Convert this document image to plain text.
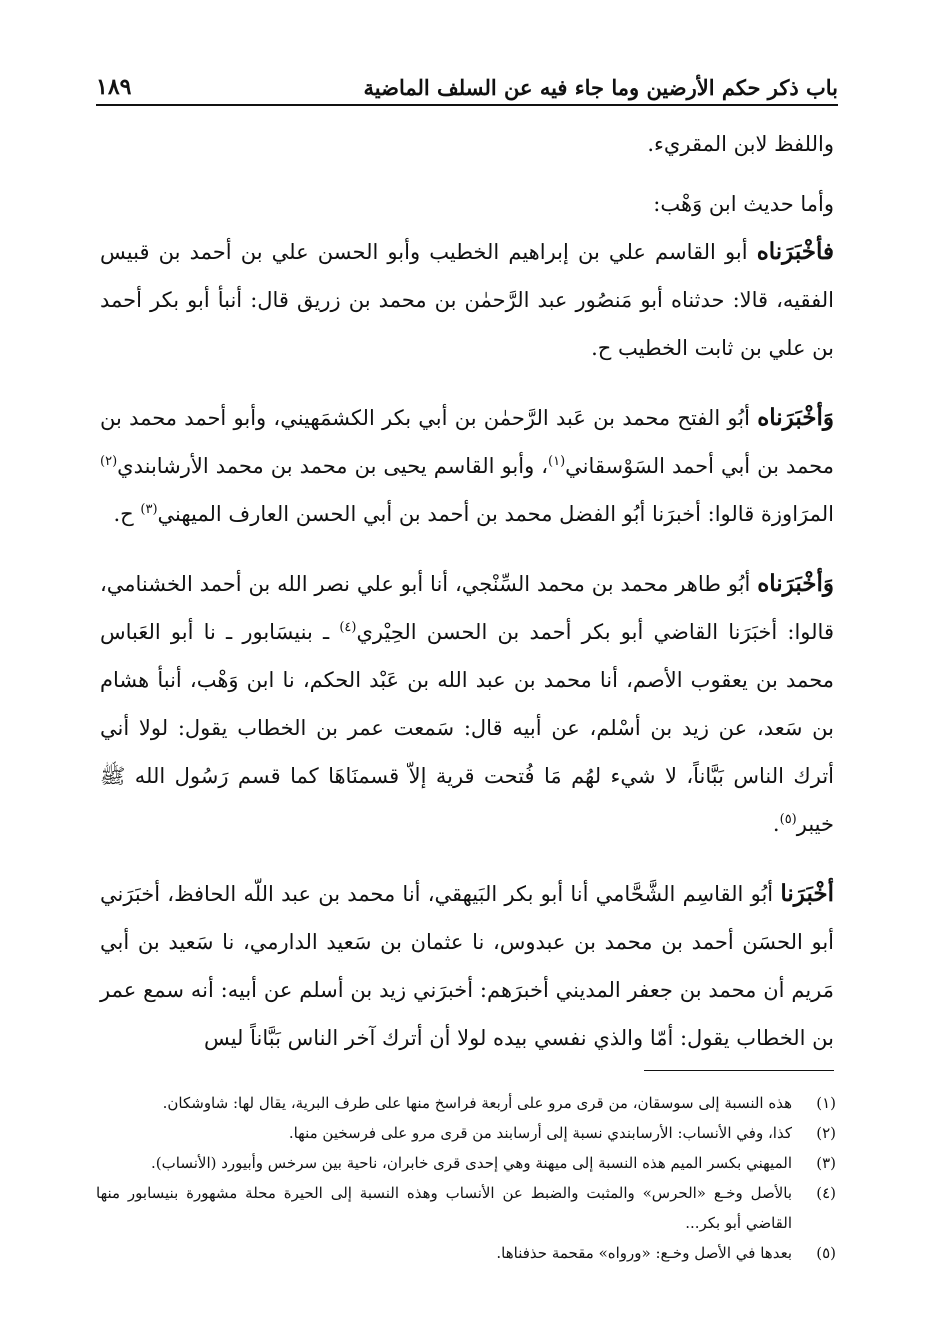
باب ذكر حكم الأرضين وما جاء فيه عن السلف الماضية
١٨٩

واللفظ لابن المقريء.

وأما حديث ابن وَهْب:

فأخْبَرَناه أبو القاسم علي بن إبراهيم الخطيب وأبو الحسن علي بن أحمد بن قبيس الفقيه، قالا: حدثناه أبو مَنصُور عبد الرَّحمٰن بن محمد بن زريق قال: أنبأ أبو بكر أحمد بن علي بن ثابت الخطيب ح.

وَأخْبَرَناه أبُو الفتح محمد بن عَبد الرَّحمٰن بن أبي بكر الكشمَهيني، وأبو أحمد محمد بن محمد بن أبي أحمد السَوْسقاني$^{(١)}$، وأبو القاسم يحيى بن محمد بن محمد الأرشابندي$^{(٢)}$ المرَاوزة قالوا: أخبرَنا أبُو الفضل محمد بن أحمد بن أبي الحسن العارف الميهني$^{(٣)}$ ح.

وَأخْبَرَناه أبُو طاهر محمد بن محمد السِّنْجي، أنا أبو علي نصر الله بن أحمد الخشنامي، قالوا: أخبَرَنا القاضي أبو بكر أحمد بن الحسن الحِيْري$^{(٤)}$ ـ بنيسَابور ـ نا أبو العَباس محمد بن يعقوب الأصم، أنا محمد بن عبد الله بن عَبْد الحكم، نا ابن وَهْب، أنبأ هشام بن سَعد، عن زيد بن أسْلم، عن أبيه قال: سَمعت عمر بن الخطاب يقول: لولا أني أترك الناس بَبَّاناً، لا شيء لهُم مَا فُتحت قرية إلاّ قسمنَاهَا كما قسم رَسُول الله ﷺ خيبر$^{(٥)}$.

أخْبَرَنا أبُو القاسِم الشَّحَّامي أنا أبو بكر البَيهقي، أنا محمد بن عبد اللّه الحافظ، أخبَرَني أبو الحسَن أحمد بن محمد بن عبدوس، نا عثمان بن سَعيد الدارمي، نا سَعيد بن أبي مَريم أن محمد بن جعفر المديني أخبرَهم: أخبرَني زيد بن أسلم عن أبيه: أنه سمع عمر بن الخطاب يقول: أمّا والذي نفسي بيده لولا أن أترك آخر الناس بَبَّاناً ليس

(١)
هذه النسبة إلى سوسقان، من قرى مرو على أربعة فراسخ منها على طرف البرية، يقال لها: شاوشكان.
(٢)
كذا، وفي الأنساب: الأرسابندي نسبة إلى أرسابند من قرى مرو على فرسخين منها.
(٣)
الميهني بكسر الميم هذه النسبة إلى ميهنة وهي إحدى قرى خابران، ناحية بين سرخس وأبيورد (الأنساب).
(٤)
بالأصل وخـع «الحرس» والمثبت والضبط عن الأنساب وهذه النسبة إلى الحيرة محلة مشهورة بنيسابور منها القاضي أبو بكر...
(٥)
بعدها في الأصل وخـع: «ورواه» مقحمة حذفناها.
